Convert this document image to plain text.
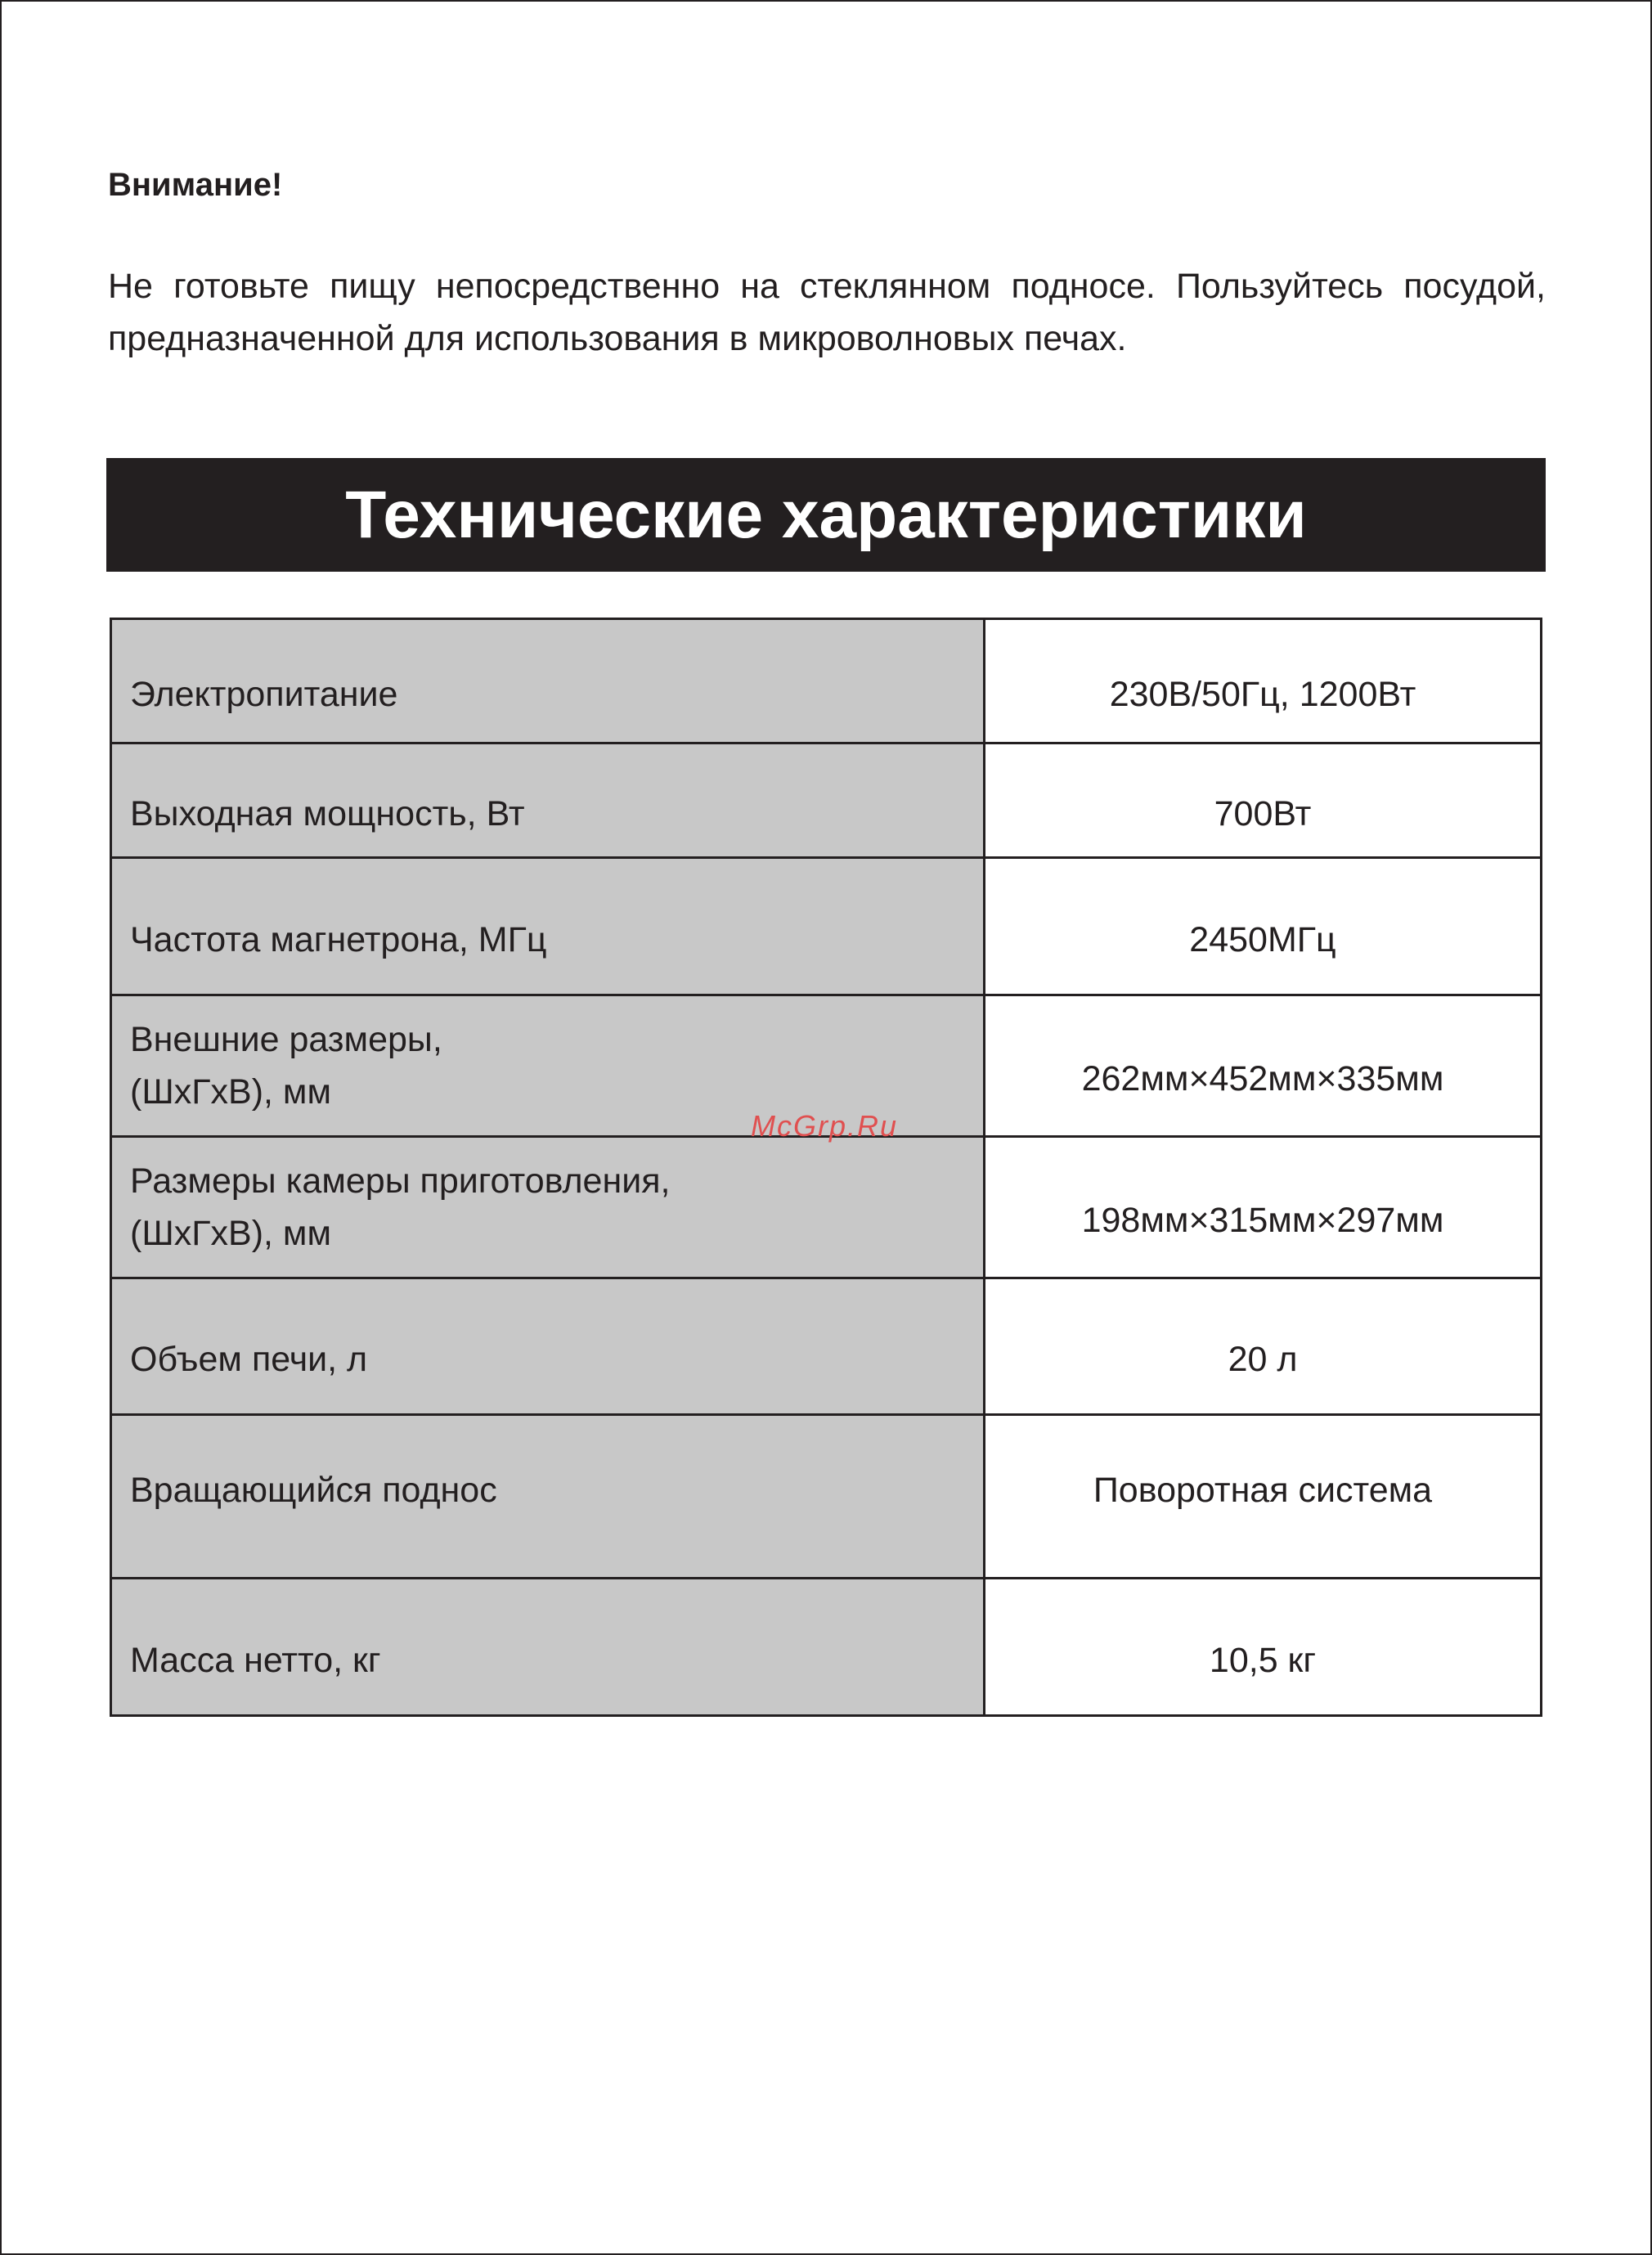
Внимание!
Не готовьте пищу непосредственно на стеклянном подносе. Пользуйтесь посудой, предназначенной для использования в микроволновых печах.
Технические характеристики
Электропитание	230В/50Гц, 1200Вт

Выходная мощность, Вт	700Вт

Частота магнетрона, МГц	2450МГц

Внешние размеры,
(ШхГхВ), мм	262мм×452мм×335мм

Размеры камеры приготовления,
(ШхГхВ), мм	198мм×315мм×297мм

Объем печи, л	20 л

Вращающийся поднос	Поворотная система

Масса нетто, кг	10,5 кг
McGrp.Ru
